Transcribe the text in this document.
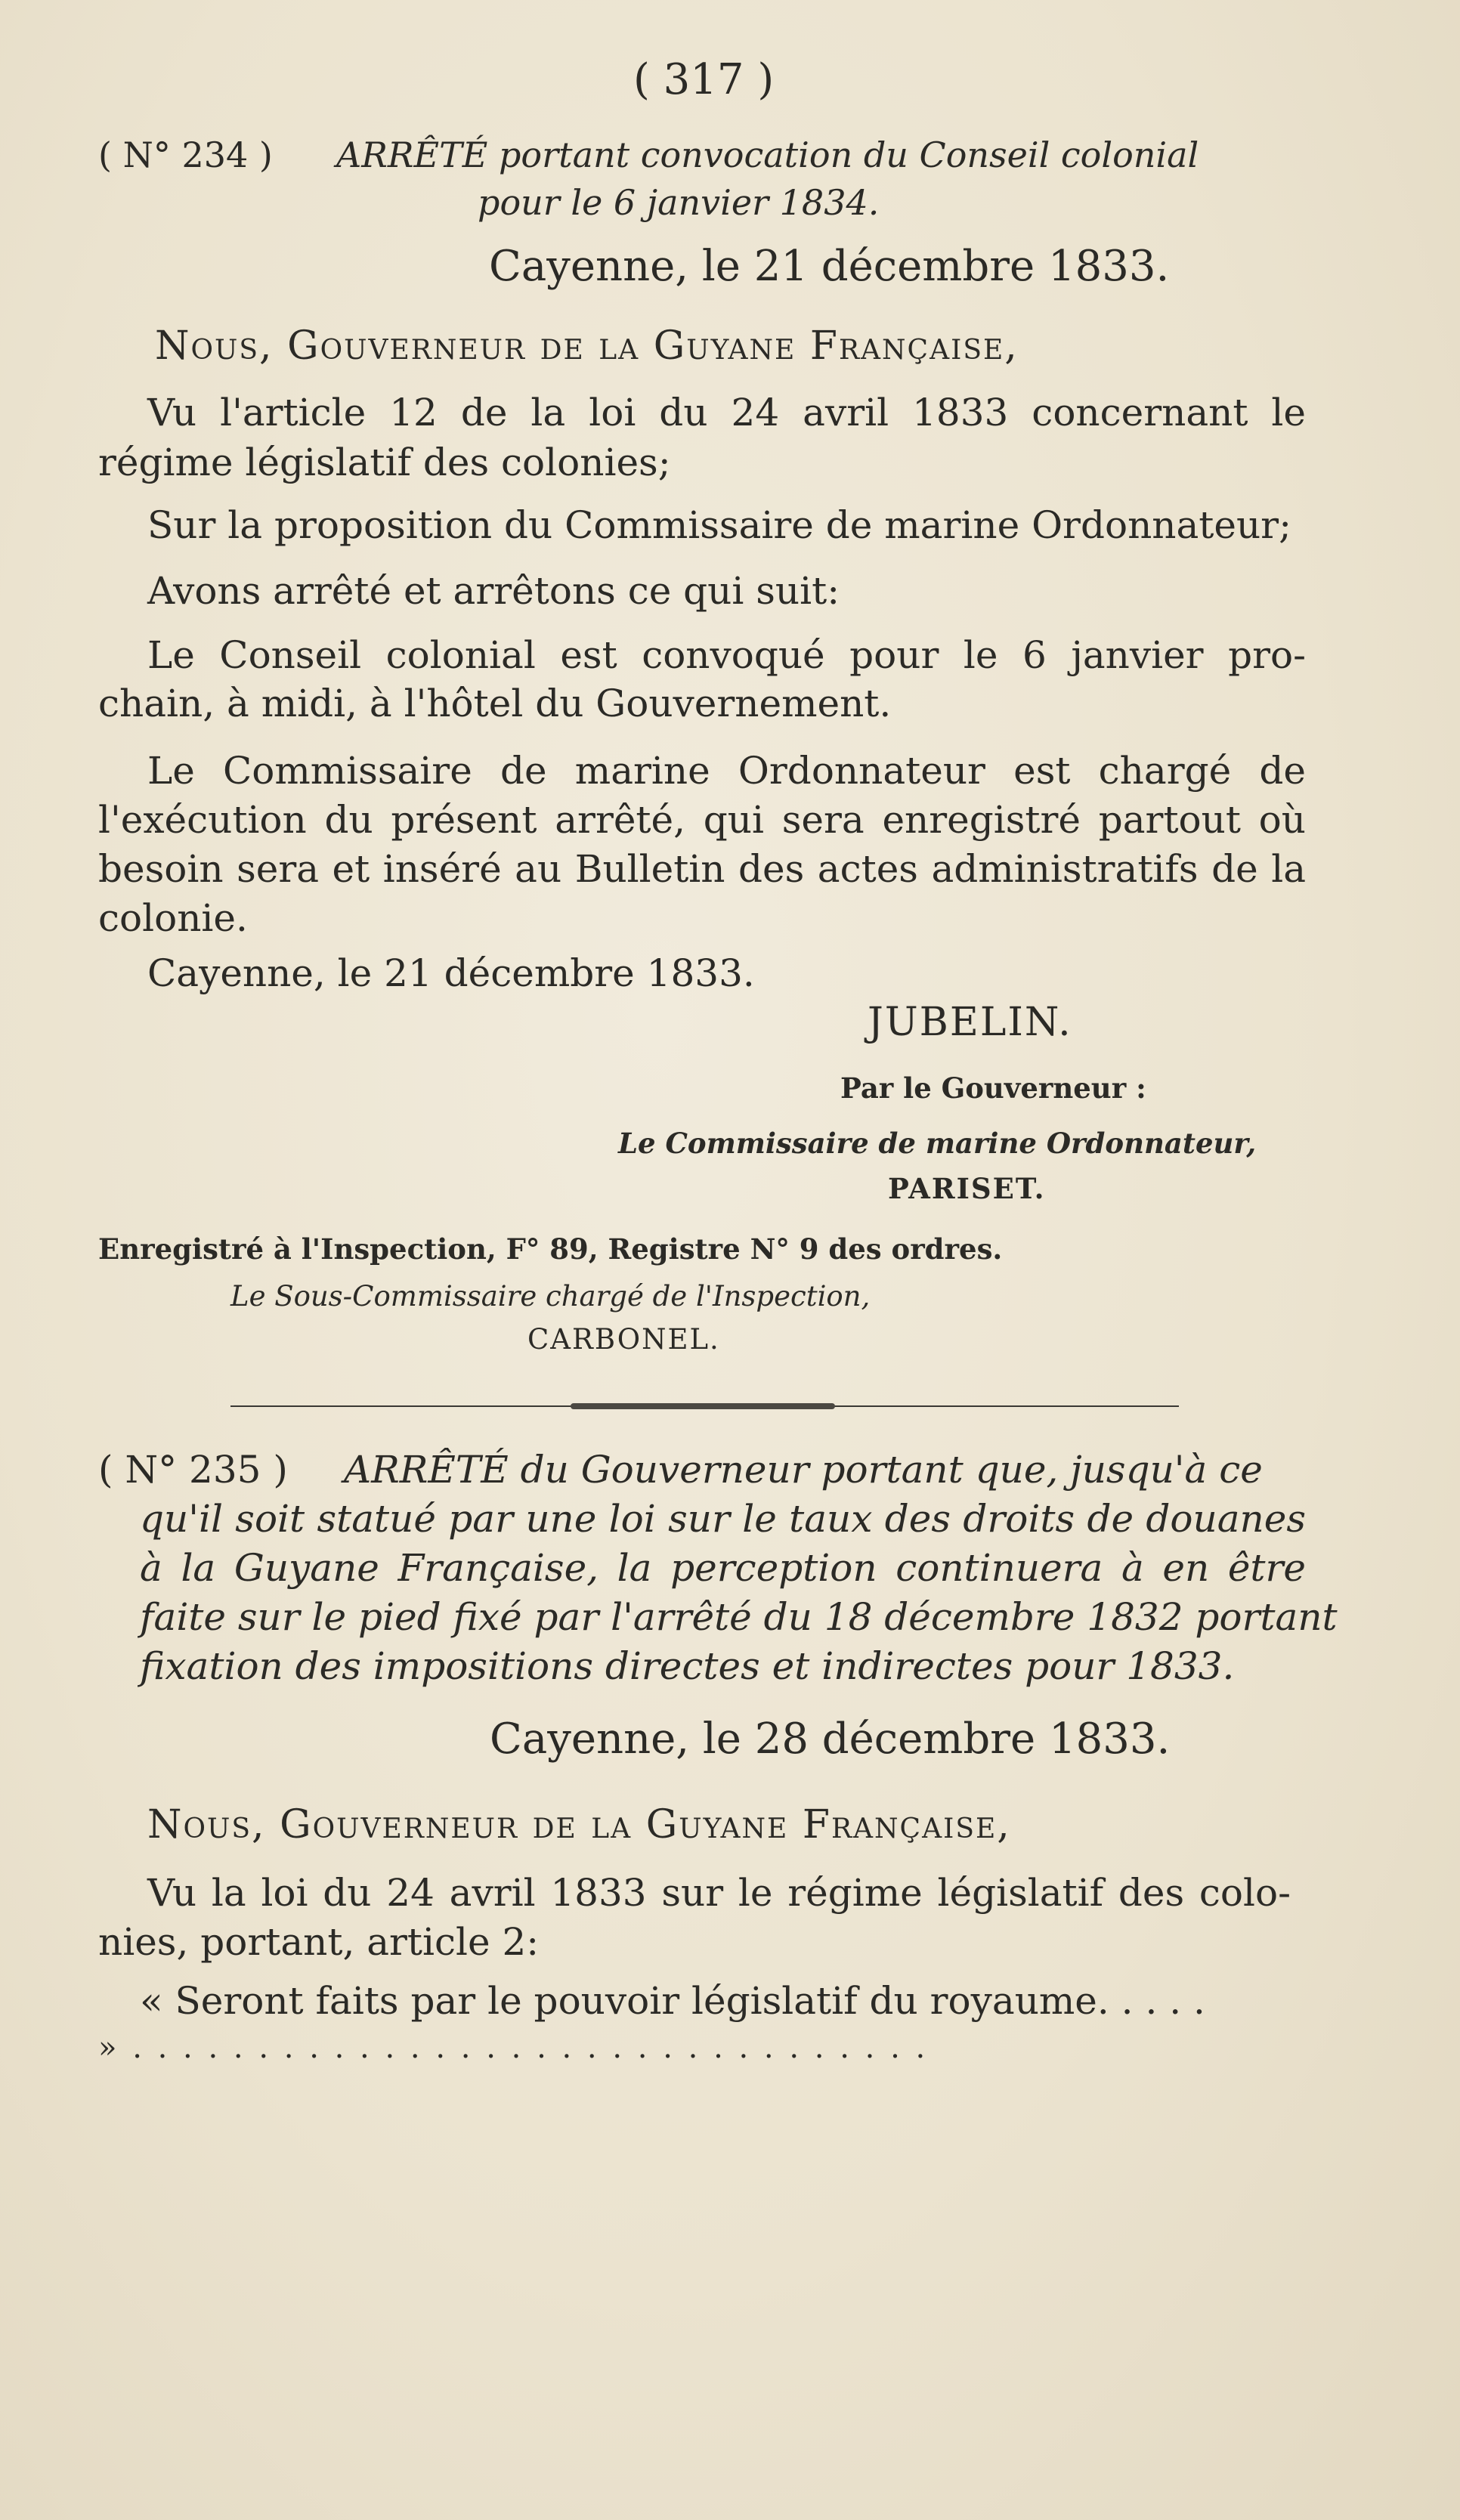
( 317 )
( N° 234 ) ARRÊTÉ portant convocation du Conseil colonial
pour le 6 janvier 1834.
Cayenne, le 21 décembre 1833.
Nous, Gouverneur de la Guyane Française,
Vu l'article 12 de la loi du 24 avril 1833 concernant le
régime législatif des colonies;
Sur la proposition du Commissaire de marine Ordonnateur;
Avons arrêté et arrêtons ce qui suit:
Le Conseil colonial est convoqué pour le 6 janvier pro-
chain, à midi, à l'hôtel du Gouvernement.
Le Commissaire de marine Ordonnateur est chargé de
l'exécution du présent arrêté, qui sera enregistré partout où
besoin sera et inséré au Bulletin des actes administratifs de la
colonie.
Cayenne, le 21 décembre 1833.
JUBELIN.
Par le Gouverneur :
Le Commissaire de marine Ordonnateur,
PARISET.
Enregistré à l'Inspection, F° 89, Registre N° 9 des ordres.
Le Sous-Commissaire chargé de l'Inspection,
CARBONEL.
( N° 235 ) ARRÊTÉ du Gouverneur portant que, jusqu'à ce
qu'il soit statué par une loi sur le taux des droits de douanes
à la Guyane Française, la perception continuera à en être
faite sur le pied fixé par l'arrêté du 18 décembre 1832 portant
fixation des impositions directes et indirectes pour 1833.
Cayenne, le 28 décembre 1833.
Nous, Gouverneur de la Guyane Française,
Vu la loi du 24 avril 1833 sur le régime législatif des colo-
nies, portant, article 2:
« Seront faits par le pouvoir législatif du royaume. . . . .
» . . . . . . . . . . . . . . . . . . . . . . . . . . . . . . . .
